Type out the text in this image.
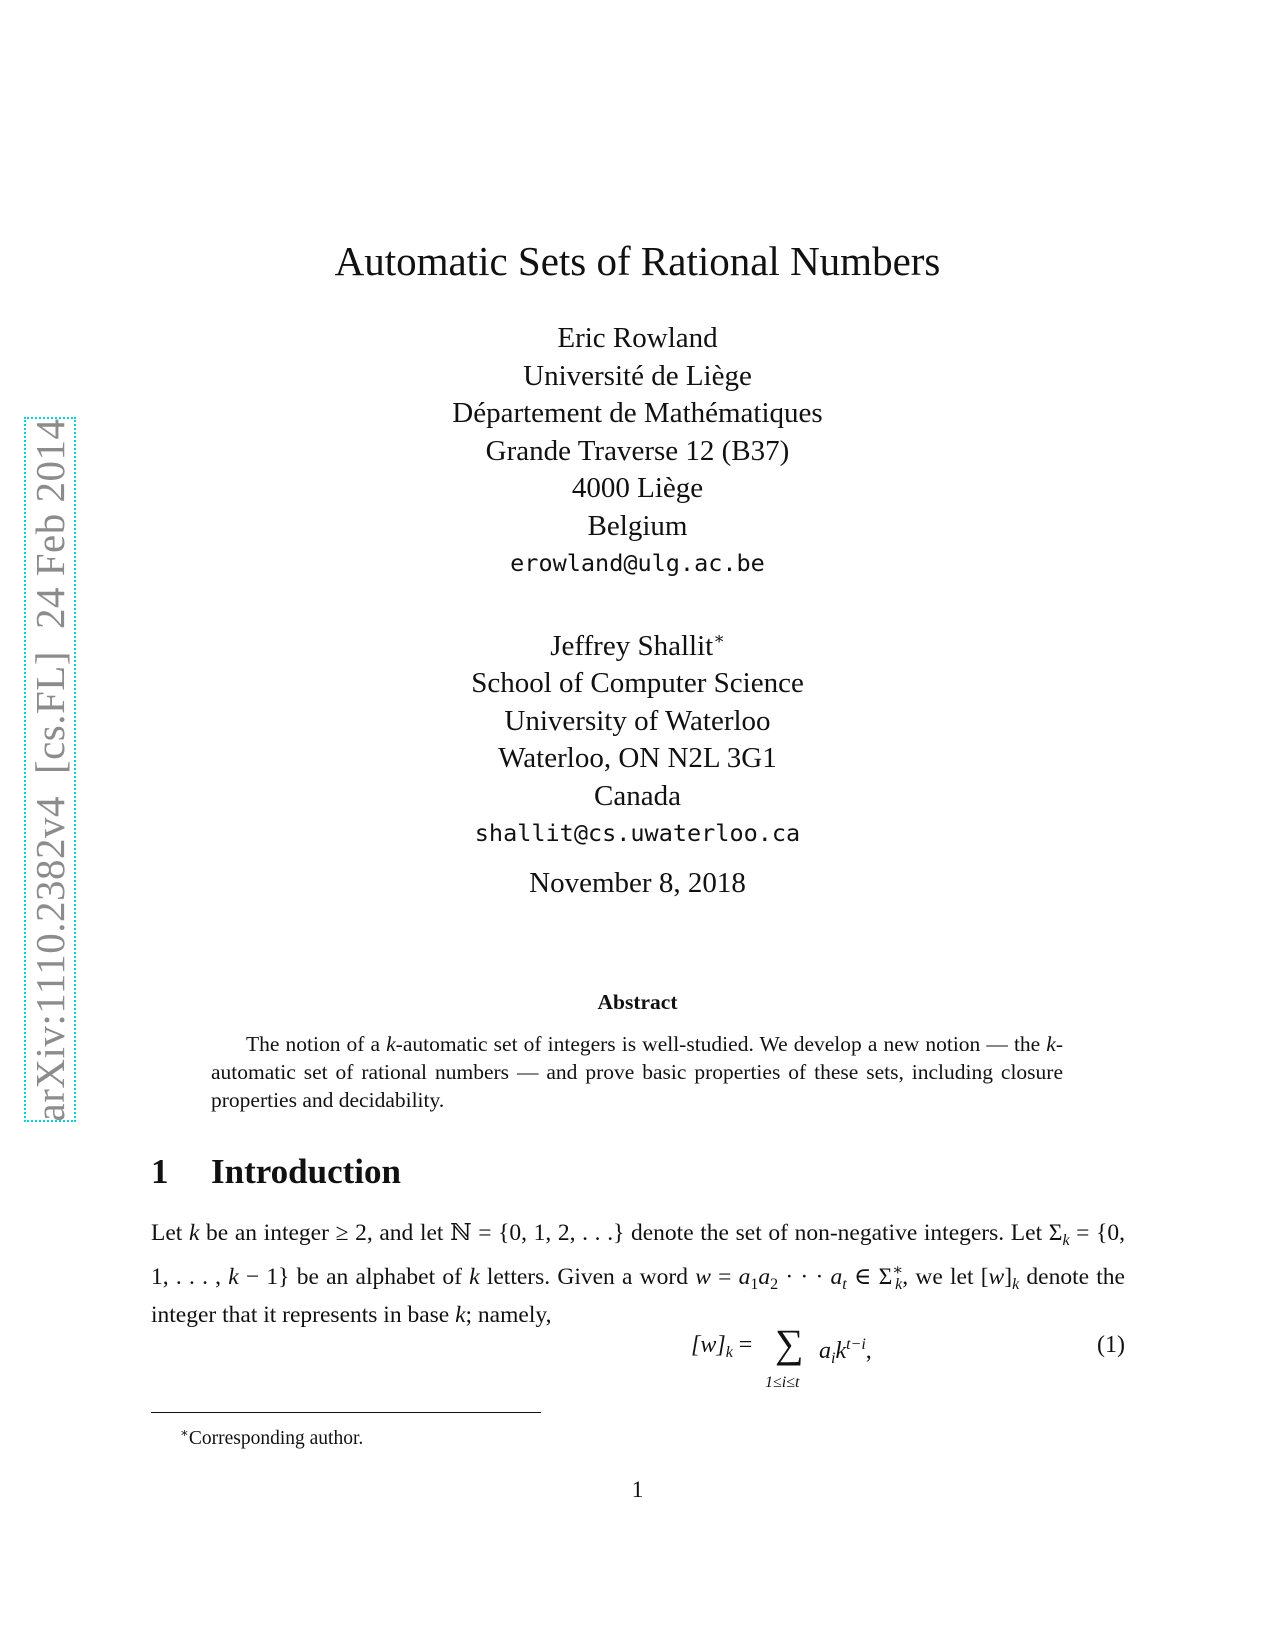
arXiv:1110.2382v4[cs.FL]24 Feb 2014
Automatic Sets of Rational Numbers
Eric Rowland
Université de Liège
Département de Mathématiques
Grande Traverse 12 (B37)
4000 Liège
Belgium
erowland@ulg.ac.be
Jeffrey Shallit∗
School of Computer Science
University of Waterloo
Waterloo, ON N2L 3G1
Canada
shallit@cs.uwaterloo.ca
November 8, 2018
Abstract

The notion of a k-automatic set of integers is well-studied. We develop a new notion — the k-automatic set of rational numbers — and prove basic properties of these sets, including closure properties and decidability.

1 Introduction

Let k be an integer ≥ 2, and let ℕ = {0, 1, 2, . . .} denote the set of non-negative integers. Let $\Sigma_k = \{0$, 1, . . . , k − 1} be an alphabet of k letters. Given a word $w = a_1a_2$ · · · $a_t$ ∈ $\Sigma^∗_k$, we let $[w]_k$ denote the integer that it represents in base k; namely,

$[w]_k$ = ∑
1≤i≤t
$a_ik^{t-i}$,	(1)
∗Corresponding author.
1
